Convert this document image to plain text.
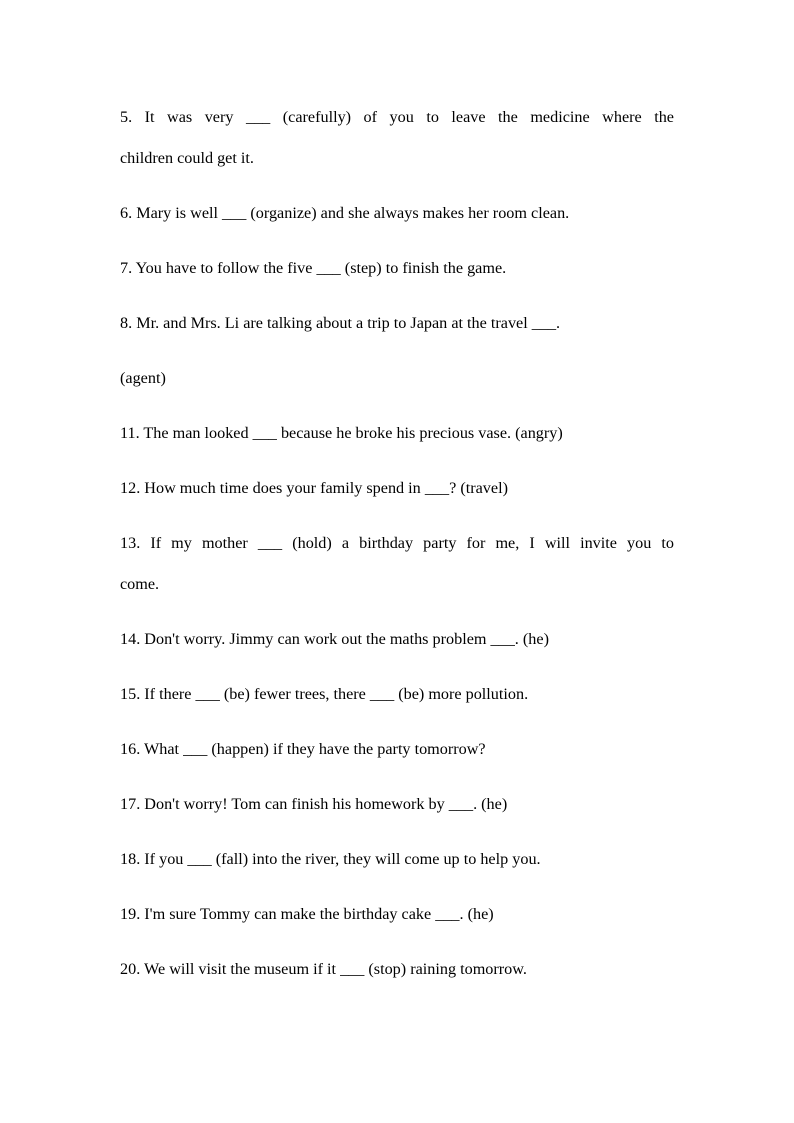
5. It was very ___ (carefully) of you to leave the medicine where the

children could get it.

6. Mary is well ___ (organize) and she always makes her room clean.

7. You have to follow the five ___ (step) to finish the game.

8. Mr. and Mrs. Li are talking about a trip to Japan at the travel ___.

(agent)

11. The man looked ___ because he broke his precious vase. (angry)

12. How much time does your family spend in ___? (travel)

13. If my mother ___ (hold) a birthday party for me, I will invite you to

come.

14. Don't worry. Jimmy can work out the maths problem ___. (he)

15. If there ___ (be) fewer trees, there ___ (be) more pollution.

16. What ___ (happen) if they have the party tomorrow?

17. Don't worry! Tom can finish his homework by ___. (he)

18. If you ___ (fall) into the river, they will come up to help you.

19. I'm sure Tommy can make the birthday cake ___. (he)

20. We will visit the museum if it ___ (stop) raining tomorrow.
